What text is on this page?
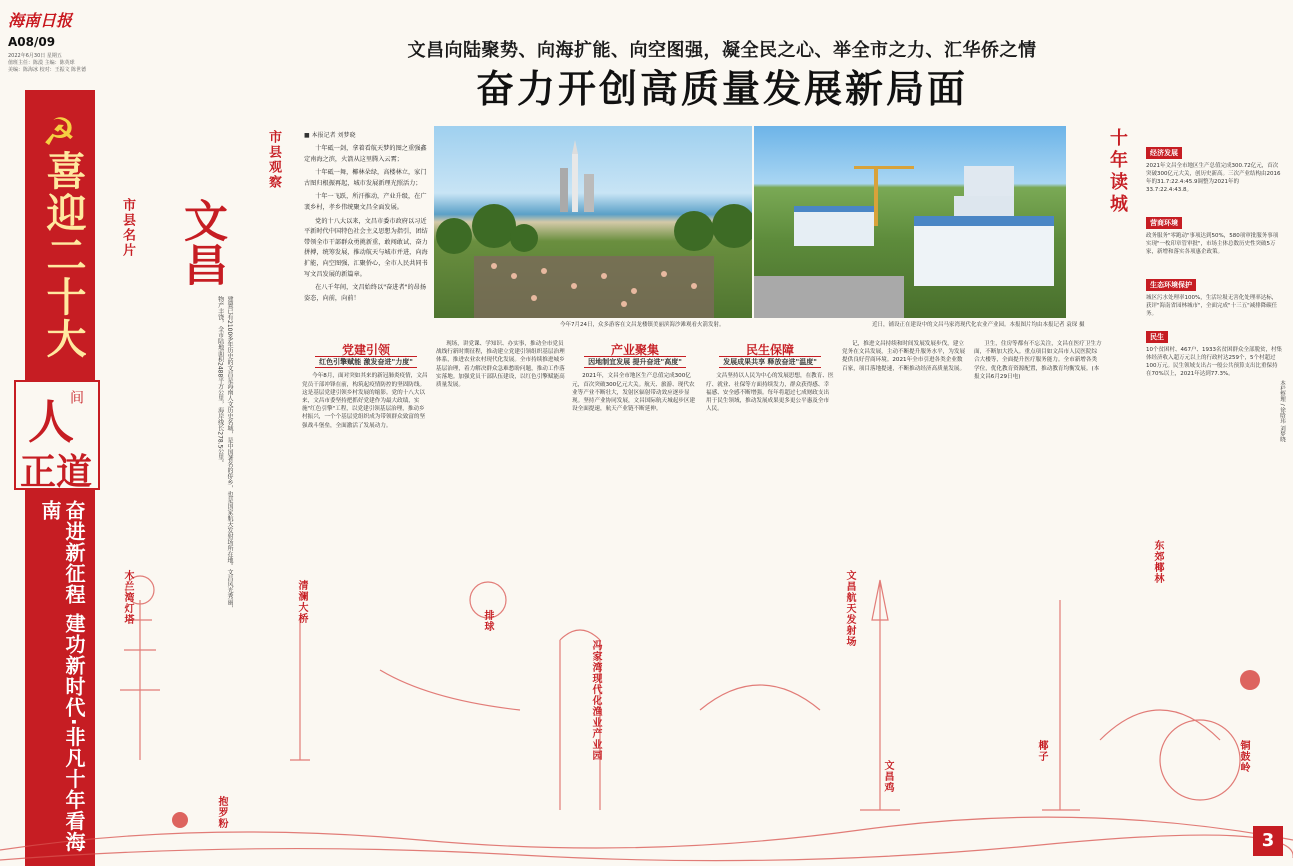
海南日报
A08/09
2022年6月30日 星期五
值班主任：陈漠 主编：陈英球
美编：陈海冰 校对：王振文 陈世德
☭
喜迎二十大
人
间
正道
奋进新征程 建功新时代·非凡十年看海南
市县名片 文昌
建置已有2100多年历史的文昌是海南人文历史名城，是中国著名的侨乡，也是国家航天发射场所在地。文昌风光秀丽，物产丰饶，全市陆地面积2488平方公里，海岸线长278.5公里。
文昌向陆聚势、向海扩能、向空图强，凝全民之心、举全市之力、汇华侨之情
奋力开创高质量发展新局面
市县观察	■ 本报记者 刘梦晓

十年砥一剑，拿着看航天梦的图之重强鑫定南海之滨，火箭从这里腾入云霄；

十年砥一舞，椰林朵绿，高楼林立，家门古图归根振再起，城市发展新理光照活力；

十年一飞跃，所汗推动，产业升级，在广袤乡村，孝乡伟统聚文昌全面发展。

党的十八大以来，文昌市委市政府以习近平新时代中国特色社会主义思想为指引，团结带领全市干部群众勇挑新重，敢闯敢试、奋力拼搏，统筹发展，推动航天与城市并进，向海扩能，向空图强，汇聚侨心，全市人民共同书写文昌发展的新篇章。

在八千年间，文昌始终以"奋进者"的昂扬姿态，向前，向前！

今年7月24日，众多游客在文昌龙楼镇美丽滨海沙滩观看火箭发射。	近日，铺设正在建设中的文昌马家湾现代化农业产业园。本报图片均由本报记者 袁琛 摄
党建引领
红色引擎赋能 激发奋进"力度"

今年8月，面对突如其来的新冠肺炎疫情，文昌党员干部冲锋在前，构筑起疫情防控的坚固防线。这是基层党建引领乡村发展的缩影。党的十八大以来，文昌市委坚持把抓好党建作为最大政绩，实施"红色引擎"工程，以党建引领基层治理，推动乡村振兴，一个个基层党组织成为带领群众致富的坚强战斗堡垒，全面激活了发展动力。

现场，讲党课、学知识、办实事，推动全市党员战线行新时期征程，推动建立党建引领组织基层治理体系，推进农业农村现代化发展。全市持续推进城乡基层治理，着力解决群众急难愁盼问题，推动工作落实落地。加强党员干部队伍建设，以红色引擎赋能高质量发展。

产业聚集
因地制宜发展 提升奋进"高度"

2021年，文昌全市地区生产总值完成300亿元，首次突破300亿元大关。航天、旅游、现代农业等产业不断壮大，发射区辐射带动效应逐步显现。坚持产业协同发展，文昌国际航天城起步区建设全面提速，航天产业链不断延伸。

民生保障
发展成果共享 释放奋进"温度"

文昌坚持以人民为中心的发展思想，在教育、医疗、就业、社保等方面持续发力，群众获得感、幸福感、安全感不断增强。每年将超过七成财政支出用于民生领域，推动发展成果更多更公平惠及全市人民。

记，推进文昌持续和时间发展发展步伐，建立党务在文昌发展，主动不断提升服务水平，为发展提供良好营商环境。2021年全市引进各类企业数百家，项目落地提速，不断推动经济高质量发展。

卫生，住房等都有不忘关注，文昌在医疗卫生方面，不断加大投入。重点项目如文昌市人民医院综合大楼等，全面提升医疗服务能力。全市新增各类学位，优化教育资源配置，推动教育均衡发展。(本报文昌6月29日电)

十年读城	经济发展
2021年文昌全市地区生产总值完成300.72亿元，首次突破300亿元大关，创历史新高。三次产业结构由2016年的31.7:22.4:45.9调整为2021年的33.7:22.4:43.8。
营商环境
政务服务"零跑动"事项达到50%，580项审批服务事项实现"一枚印章管审批"，市场主体总数历史性突破5万家，新增和落实各项惠企政策。
生态环境保护
城区污水处理率100%，生活垃圾无害化处理率达标，获评"海南省园林城市"，全面完成"十三五"减排降碳任务。
民生
10个贫困村、467户、1933名贫困群众全部脱贫，村集体经济收入超万元以上的行政村达259个，5个村超过100万元。民生领域支出占一般公共预算支出比重保持在70%以上，2021年达到77.3%。
本栏整理 / 徐晗玮 刘梦晓
木兰湾灯塔	清澜大桥	排球
冯家湾现代化渔业产业园
文昌航天发射场
文昌鸡
东郊椰林
椰子	铜鼓岭
抱罗粉
3
